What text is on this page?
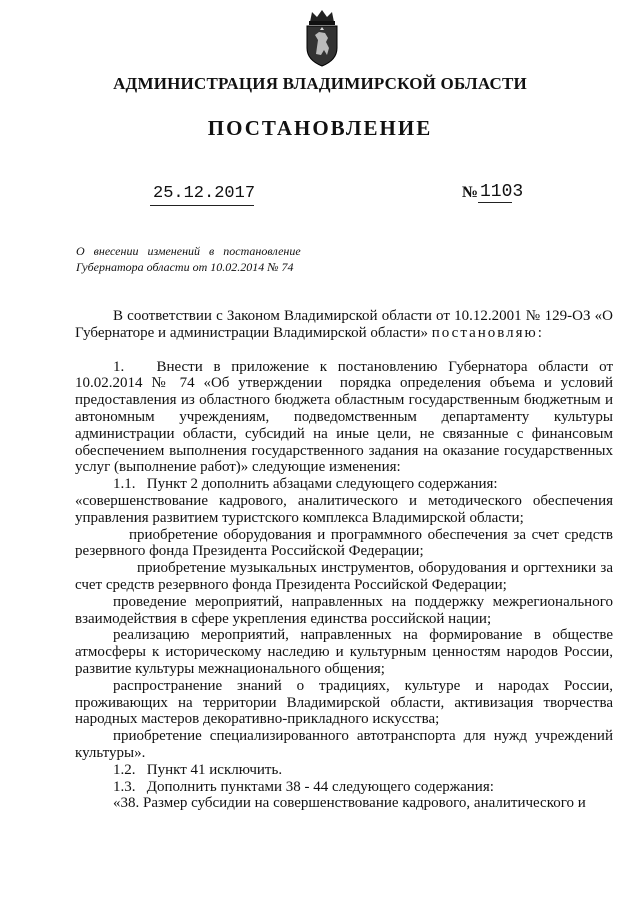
АДМИНИСТРАЦИЯ ВЛАДИМИРСКОЙ ОБЛАСТИ
ПОСТАНОВЛЕНИЕ
25.12.2017	№ 1103
О   внесении   изменений   в   постановление
Губернатора области от 10.02.2014 № 74

В соответствии с Законом Владимирской области от 10.12.2001 № 129-ОЗ «О Губернаторе и администрации Владимирской области» постановляю:

1.   Внести в приложение к постановлению Губернатора области от 10.02.2014 № 74 «Об утверждении  порядка определения объема и условий предоставления из областного бюджета областным государственным бюджетным и автономным учреждениям, подведомственным департаменту культуры администрации области, субсидий на иные цели, не связанные с финансовым обеспечением выполнения государственного задания на оказание государственных услуг (выполнение работ)» следующие изменения:

1.1.   Пункт 2 дополнить абзацами следующего содержания:

«совершенствование кадрового, аналитического и методического обеспечения управления развитием туристского комплекса Владимирской области;

приобретение оборудования и программного обеспечения за счет средств резервного фонда Президента Российской Федерации;

приобретение музыкальных инструментов, оборудования и оргтехники за счет средств резервного фонда Президента Российской Федерации;

проведение мероприятий, направленных на поддержку межрегионального взаимодействия в сфере укрепления единства российской нации;

реализацию мероприятий, направленных на формирование в обществе атмосферы к историческому наследию и культурным ценностям народов России, развитие культуры межнационального общения;

распространение знаний о традициях, культуре и народах России, проживающих на территории Владимирской области, активизация творчества народных мастеров декоративно-прикладного искусства;

приобретение специализированного автотранспорта для нужд учреждений культуры».

1.2.   Пункт 41 исключить.

1.3.   Дополнить пунктами 38 - 44 следующего содержания:

«38. Размер субсидии на совершенствование кадрового, аналитического и
